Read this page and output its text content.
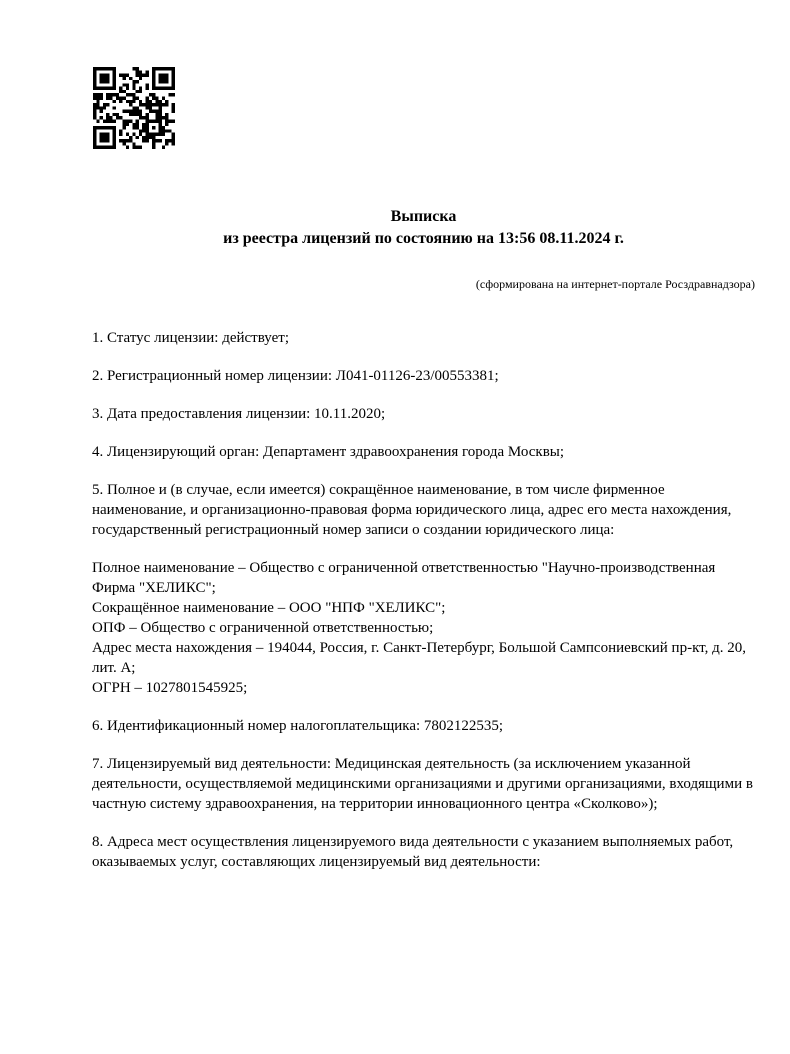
Выписка
из реестра лицензий по состоянию на 13:56 08.11.2024 г.
(сформирована на интернет-портале Росздравнадзора)

1. Статус лицензии: действует;

2. Регистрационный номер лицензии: Л041-01126-23/00553381;

3. Дата предоставления лицензии: 10.11.2020;

4. Лицензирующий орган: Департамент здравоохранения города Москвы;

5. Полное и (в случае, если имеется) сокращённое наименование, в том числе фирменное наименование, и организационно-правовая форма юридического лица, адрес его места нахождения, государственный регистрационный номер записи о создании юридического лица:

Полное наименование – Общество с ограниченной ответственностью "Научно-производственная Фирма "ХЕЛИКС";
Сокращённое наименование – ООО "НПФ "ХЕЛИКС";
ОПФ – Общество с ограниченной ответственностью;
Адрес места нахождения – 194044, Россия, г. Санкт-Петербург, Большой Сампсониевский пр-кт, д. 20, лит. А;
ОГРН – 1027801545925;

6. Идентификационный номер налогоплательщика: 7802122535;

7. Лицензируемый вид деятельности: Медицинская деятельность (за исключением указанной деятельности, осуществляемой медицинскими организациями и другими организациями, входящими в частную систему здравоохранения, на территории инновационного центра «Сколково»);

8. Адреса мест осуществления лицензируемого вида деятельности с указанием выполняемых работ, оказываемых услуг, составляющих лицензируемый вид деятельности:
